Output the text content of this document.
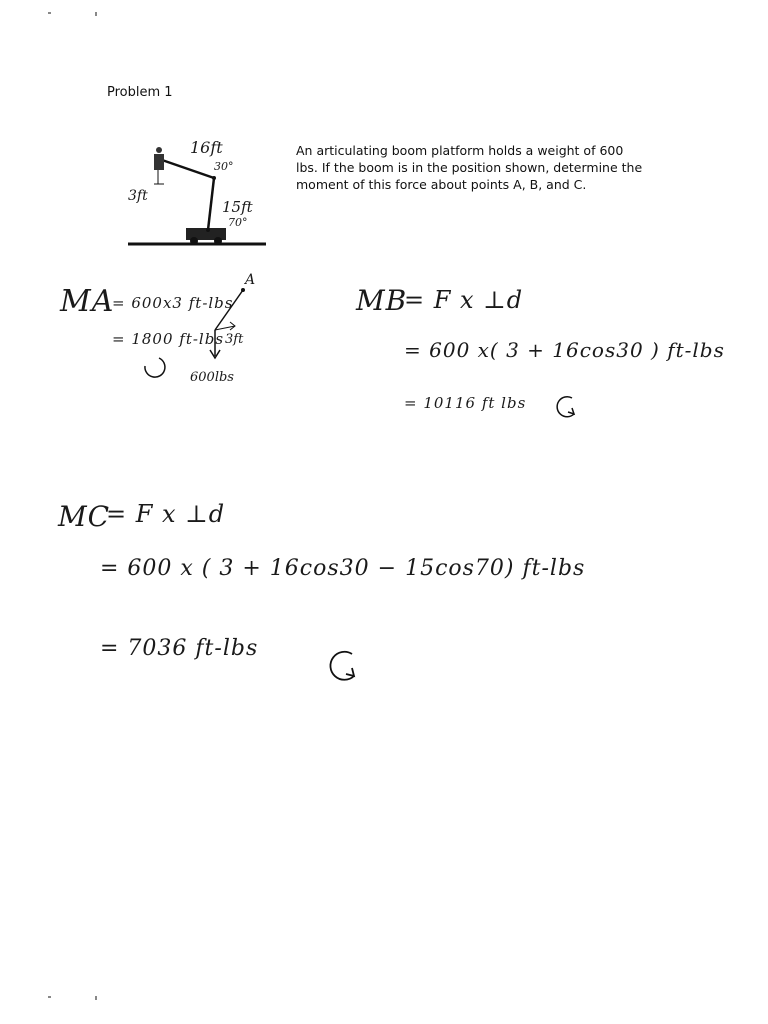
Problem 1
An articulating boom platform holds a weight of 600
lbs. If the boom is in the position shown, determine the
moment of this force about points A, B, and C.
16ft
30°
3ft
15ft
70°
MA
= 600x3 ft-lbs
= 1800 ft-lbs
A
3ft
600lbs
MB
= F x ⊥d
= 600 x( 3 + 16cos30 ) ft-lbs
= 10116 ft lbs
MC
= F x ⊥d
= 600 x ( 3 + 16cos30 − 15cos70) ft-lbs
= 7036 ft-lbs
